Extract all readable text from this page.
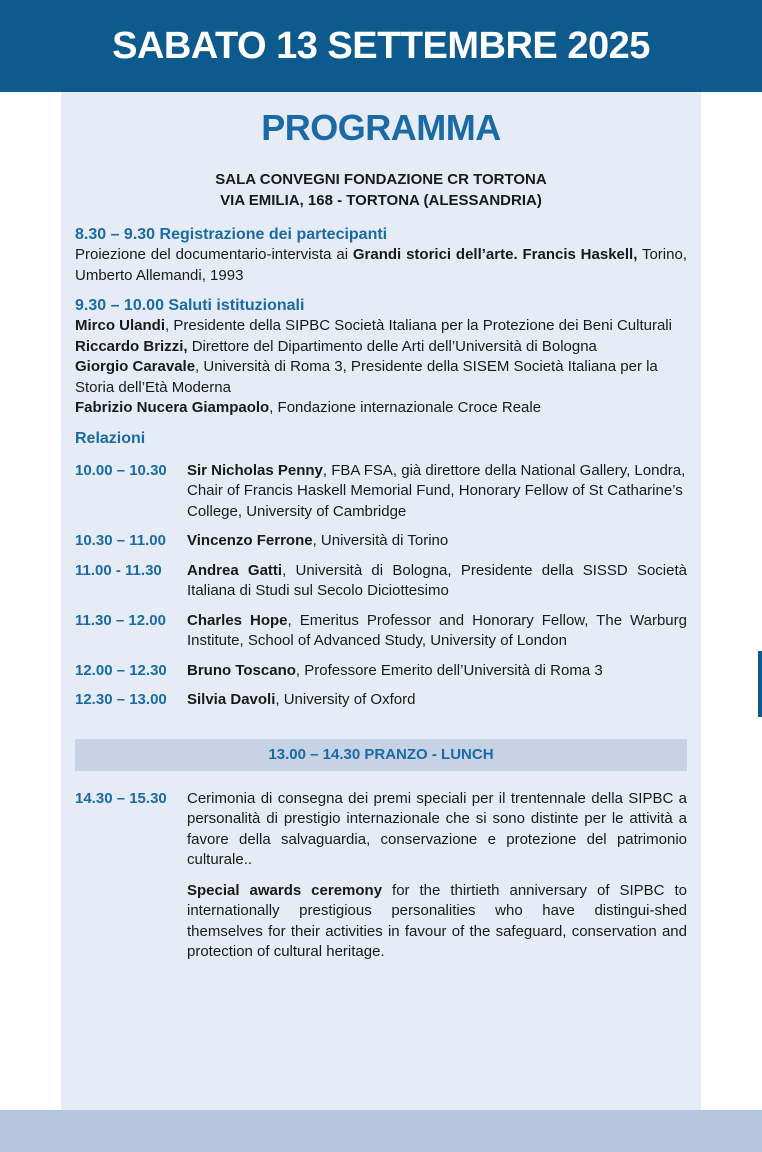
SABATO 13 SETTEMBRE 2025
PROGRAMMA
SALA CONVEGNI FONDAZIONE CR TORTONA
VIA EMILIA, 168 - TORTONA (ALESSANDRIA)
8.30 – 9.30 Registrazione dei partecipanti

Proiezione del documentario-intervista ai Grandi storici dell’arte. Francis Haskell, Torino, Umberto Allemandi, 1993

9.30 – 10.00 Saluti istituzionali

Mirco Ulandi, Presidente della SIPBC Società Italiana per la Protezione dei Beni Culturali

Riccardo Brizzi, Direttore del Dipartimento delle Arti dell’Università di Bologna

Giorgio Caravale, Università di Roma 3, Presidente della SISEM Società Italiana per la Storia dell’Età Moderna

Fabrizio Nucera Giampaolo, Fondazione internazionale Croce Reale

Relazioni
10.00 – 10.30	Sir Nicholas Penny, FBA FSA, già direttore della National Gallery, Londra, Chair of Francis Haskell Memorial Fund, Honorary Fellow of St Catharine’s College, University of Cambridge
10.30 – 11.00	Vincenzo Ferrone, Università di Torino
11.00 - 11.30	Andrea Gatti, Università di Bologna, Presidente della SISSD Società Italiana di Studi sul Secolo Diciottesimo
11.30 – 12.00	Charles Hope, Emeritus Professor and Honorary Fellow, The Warburg Institute, School of Advanced Study, University of London
12.00 – 12.30	Bruno Toscano, Professore Emerito dell’Università di Roma 3
12.30 – 13.00	Silvia Davoli, University of Oxford
13.00 – 14.30 PRANZO - LUNCH
14.30 – 15.30	Cerimonia di consegna dei premi speciali per il trentennale della SIPBC a personalità di prestigio internazionale che si sono distinte per le attività a favore della salvaguardia, conservazione e protezione del patrimonio culturale..
Special awards ceremony for the thirtieth anniversary of SIPBC to internationally prestigious personalities who have distingui-shed themselves for their activities in favour of the safeguard, conservation and protection of cultural heritage.
